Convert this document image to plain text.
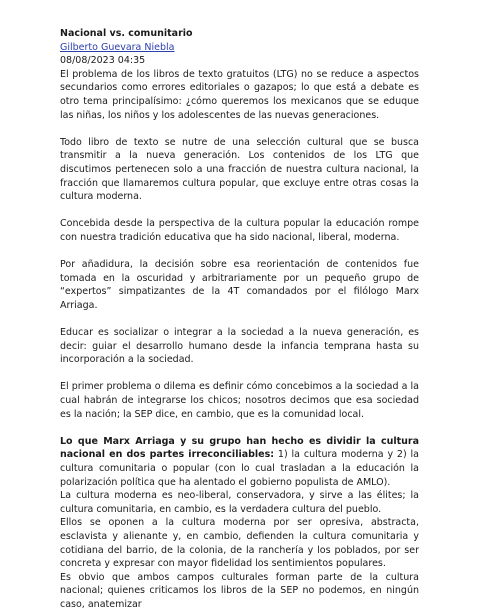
Nacional vs. comunitario
Gilberto Guevara Niebla
08/08/2023 04:35

El problema de los libros de texto gratuitos (LTG) no se reduce a aspectos secundarios como errores editoriales o gazapos; lo que está a debate es otro tema principalísimo: ¿cómo queremos los mexicanos que se eduque las niñas, los niños y los adolescentes de las nuevas generaciones.

Todo libro de texto se nutre de una selección cultural que se busca transmitir a la nueva generación. Los contenidos de los LTG que discutimos pertenecen solo a una fracción de nuestra cultura nacional, la fracción que llamaremos cultura popular, que excluye entre otras cosas la cultura moderna.

Concebida desde la perspectiva de la cultura popular la educación rompe con nuestra tradición educativa que ha sido nacional, liberal, moderna.

Por añadidura, la decisión sobre esa reorientación de contenidos fue tomada en la oscuridad y arbitrariamente por un pequeño grupo de “expertos” simpatizantes de la 4T comandados por el filólogo Marx Arriaga.

Educar es socializar o integrar a la sociedad a la nueva generación, es decir: guiar el desarrollo humano desde la infancia temprana hasta su incorporación a la sociedad.

El primer problema o dilema es definir cómo concebimos a la sociedad a la cual habrán de integrarse los chicos; nosotros decimos que esa sociedad es la nación; la SEP dice, en cambio, que es la comunidad local.

Lo que Marx Arriaga y su grupo han hecho es dividir la cultura nacional en dos partes irreconciliables: 1) la cultura moderna y 2) la cultura comunitaria o popular (con lo cual trasladan a la educación la polarización política que ha alentado el gobierno populista de AMLO).

La cultura moderna es neo-liberal, conservadora, y sirve a las élites; la cultura comunitaria, en cambio, es la verdadera cultura del pueblo.

Ellos se oponen a la cultura moderna por ser opresiva, abstracta, esclavista y alienante y, en cambio, defienden la cultura comunitaria y cotidiana del barrio, de la colonia, de la ranchería y los poblados, por ser concreta y expresar con mayor fidelidad los sentimientos populares.

Es obvio que ambos campos culturales forman parte de la cultura nacional; quienes criticamos los libros de la SEP no podemos, en ningún caso, anatemizar
